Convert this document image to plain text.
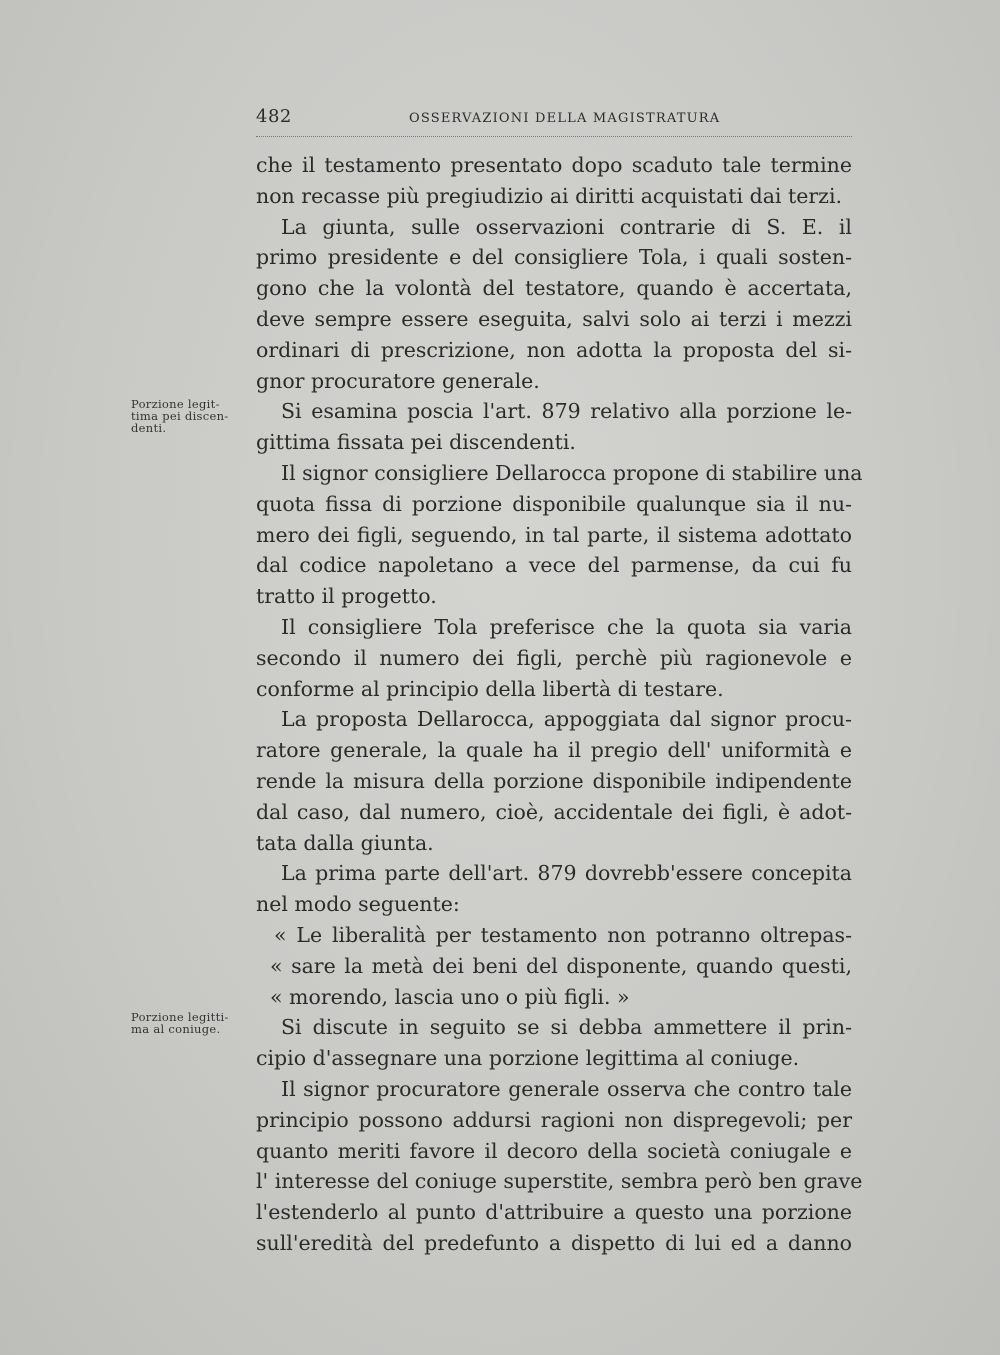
482	OSSERVAZIONI DELLA MAGISTRATURA
Porzione legit-
tima pei discen-
denti.
Porzione legitti-
ma al coniuge.
che il testamento presentato dopo scaduto tale termine
non recasse più pregiudizio ai diritti acquistati dai terzi.
La giunta, sulle osservazioni contrarie di S. E. il
primo presidente e del consigliere Tola, i quali sosten-
gono che la volontà del testatore, quando è accertata,
deve sempre essere eseguita, salvi solo ai terzi i mezzi
ordinari di prescrizione, non adotta la proposta del si-
gnor procuratore generale.
Si esamina poscia l'art. 879 relativo alla porzione le-
gittima fissata pei discendenti.
Il signor consigliere Dellarocca propone di stabilire una
quota fissa di porzione disponibile qualunque sia il nu-
mero dei figli, seguendo, in tal parte, il sistema adottato
dal codice napoletano a vece del parmense, da cui fu
tratto il progetto.
Il consigliere Tola preferisce che la quota sia varia
secondo il numero dei figli, perchè più ragionevole e
conforme al principio della libertà di testare.
La proposta Dellarocca, appoggiata dal signor procu-
ratore generale, la quale ha il pregio dell' uniformità e
rende la misura della porzione disponibile indipendente
dal caso, dal numero, cioè, accidentale dei figli, è adot-
tata dalla giunta.
La prima parte dell'art. 879 dovrebb'essere concepita
nel modo seguente:
« Le liberalità per testamento non potranno oltrepas-
« sare la metà dei beni del disponente, quando questi,
« morendo, lascia uno o più figli. »
Si discute in seguito se si debba ammettere il prin-
cipio d'assegnare una porzione legittima al coniuge.
Il signor procuratore generale osserva che contro tale
principio possono addursi ragioni non dispregevoli; per
quanto meriti favore il decoro della società coniugale e
l' interesse del coniuge superstite, sembra però ben grave
l'estenderlo al punto d'attribuire a questo una porzione
sull'eredità del predefunto a dispetto di lui ed a danno
